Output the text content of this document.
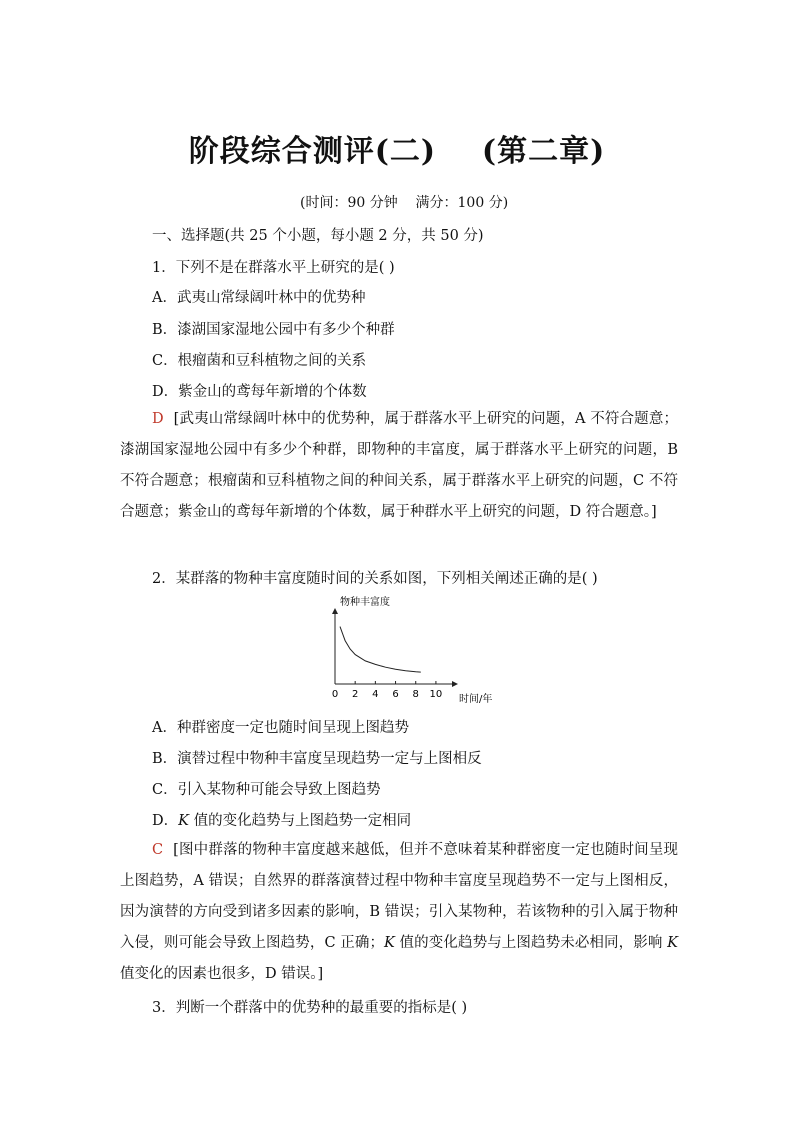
阶段综合测评(二)    (第二章)
(时间：90 分钟    满分：100 分)
一、选择题(共 25 个小题，每小题 2 分，共 50 分)
1．下列不是在群落水平上研究的是( )
A．武夷山常绿阔叶林中的优势种
B．漆湖国家湿地公园中有多少个种群
C．根瘤菌和豆科植物之间的关系
D．紫金山的鸢每年新增的个体数
D [武夷山常绿阔叶林中的优势种，属于群落水平上研究的问题，A 不符合题意；漆湖国家湿地公园中有多少个种群，即物种的丰富度，属于群落水平上研究的问题，B 不符合题意；根瘤菌和豆科植物之间的种间关系，属于群落水平上研究的问题，C 不符合题意；紫金山的鸢每年新增的个体数，属于种群水平上研究的问题，D 符合题意。]
2．某群落的物种丰富度随时间的关系如图，下列相关阐述正确的是( )
物种丰富度
0 2 4 6 8 10 时间/年
A．种群密度一定也随时间呈现上图趋势
B．演替过程中物种丰富度呈现趋势一定与上图相反
C．引入某物种可能会导致上图趋势
D．K 值的变化趋势与上图趋势一定相同
C [图中群落的物种丰富度越来越低，但并不意味着某种群密度一定也随时间呈现上图趋势，A 错误；自然界的群落演替过程中物种丰富度呈现趋势不一定与上图相反，因为演替的方向受到诸多因素的影响，B 错误；引入某物种，若该物种的引入属于物种入侵，则可能会导致上图趋势，C 正确；K 值的变化趋势与上图趋势未必相同，影响 K 值变化的因素也很多，D 错误。]
3．判断一个群落中的优势种的最重要的指标是( )
